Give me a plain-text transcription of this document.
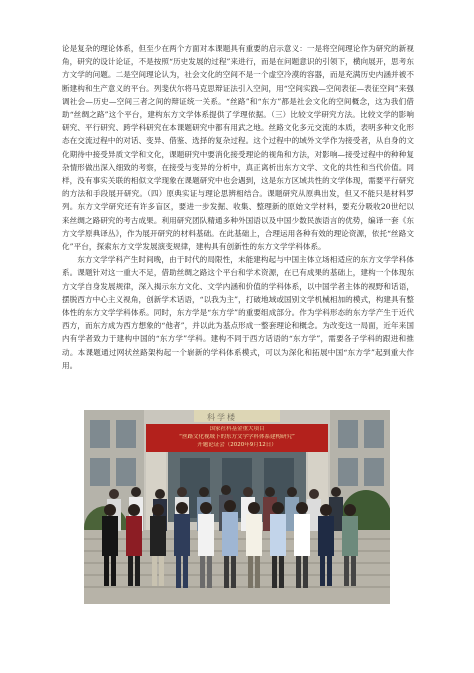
论是复杂的理论体系，但至少在两个方面对本课题具有重要的启示意义：一是将空间理论作为研究的新视角，研究的设计论证，不是按照“历史发展的过程”来进行，而是在问题意识的引领下，横向展开，思考东方文学的问题。二是空间理论认为，社会文化的空间不是一个虚空冷漠的容器，而是充满历史内涵并被不断建构和生产意义的平台。列斐伏尔将马克思辩证法引入空间，用“空间实践—空间表征—表征空间”来强调社会—历史—空间三者之间的辩证统一关系。“丝路”和“东方”都是社会文化的空间概念，这为我们借助“丝绸之路”这个平台，建构东方文学体系提供了学理依据。（三）比较文学研究方法。比较文学的影响研究、平行研究、跨学科研究在本课题研究中都有用武之地。丝路文化多元交流的本质，表明多种文化形态在交流过程中的对话、变异、借鉴、选择的复杂过程。这个过程中的域外文学作为接受者，从自身的文化期待中接受异质文学和文化，课题研究中要消化接受理论的视角和方法，对影响—接受过程中的种种复杂情形做出深入细致的考察，在接受与变异的分析中，真正离析出东方文学、文化的共性和当代价值。同样，没有事实关联的相似文学现象在课题研究中也会遇到，这是东方区域共性的文学体现，需要平行研究的方法和手段展开研究。（四）原典实证与理论思辨相结合。课题研究从原典出发，但又不能只是材料罗列。东方文学研究还有许多盲区，要进一步发掘、收集、整理新的原始文学材料，要充分吸收20世纪以来丝绸之路研究的考古成果。利用研究团队精通多种外国语以及中国少数民族语言的优势，编译一套《东方文学原典译丛》，作为展开研究的材料基础。在此基础上，合理运用各种有效的理论资源，依托“丝路文化”平台，探索东方文学发展演变规律，建构具有创新性的东方文学学科体系。

东方文学学科产生时间晚，由于时代的局限性，未能建构起与中国主体立场相适应的东方文学学科体系。课题针对这一重大不足，借助丝绸之路这个平台和学术资源，在已有成果的基础上，建构一个体现东方文学自身发展规律，深入揭示东方文化、文学内涵和价值的学科体系，以中国学者主体的视野和话语，摆脱西方中心主义视角，创新学术话语，“以我为主”，打破地域或国别文学机械相加的模式，构建具有整体性的东方文学学科体系。同时，东方学是“东方学”的重要组成部分。作为学科形态的东方学产生于近代西方，而东方成为西方想象的“他者”，并以此为基点形成一整套理论和概念。为改变这一局面，近年来国内有学者致力于建构中国的“东方学”学科。建构不同于西方话语的“东方学”，需要各子学科的跟进和推动。本课题通过网状丝路架构起一个崭新的学科体系模式，可以为深化和拓展中国“东方学”起到重大作用。

科学楼
国家社科基金重大项目
“丝路文化视域下的东方文学学科体系建构研究”
开题论证会（2020年9月12日）
